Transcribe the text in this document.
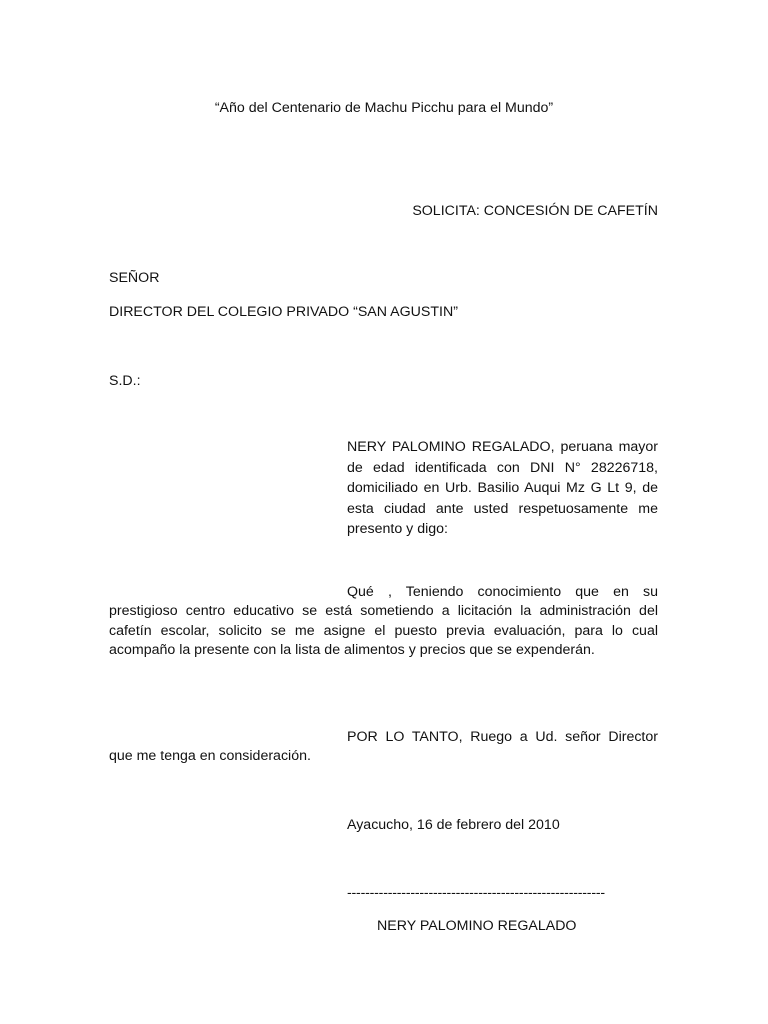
“Año del Centenario de Machu Picchu para el Mundo”
SOLICITA: CONCESIÓN DE CAFETÍN
SEÑOR
DIRECTOR DEL COLEGIO PRIVADO “SAN AGUSTIN”
S.D.:
NERY PALOMINO REGALADO, peruana mayor de edad identificada con DNI N° 28226718, domiciliado en Urb. Basilio Auqui Mz G Lt 9, de esta ciudad ante usted respetuosamente me presento y digo:
Qué , Teniendo conocimiento que en su prestigioso centro educativo se está sometiendo a licitación la administración del cafetín escolar, solicito se me asigne el puesto previa evaluación, para lo cual acompaño la presente con la lista de alimentos y precios que se expenderán.
POR LO TANTO, Ruego a Ud. señor Director que me tenga en consideración.
Ayacucho, 16 de febrero del 2010
---------------------------------------------------------
NERY PALOMINO REGALADO
